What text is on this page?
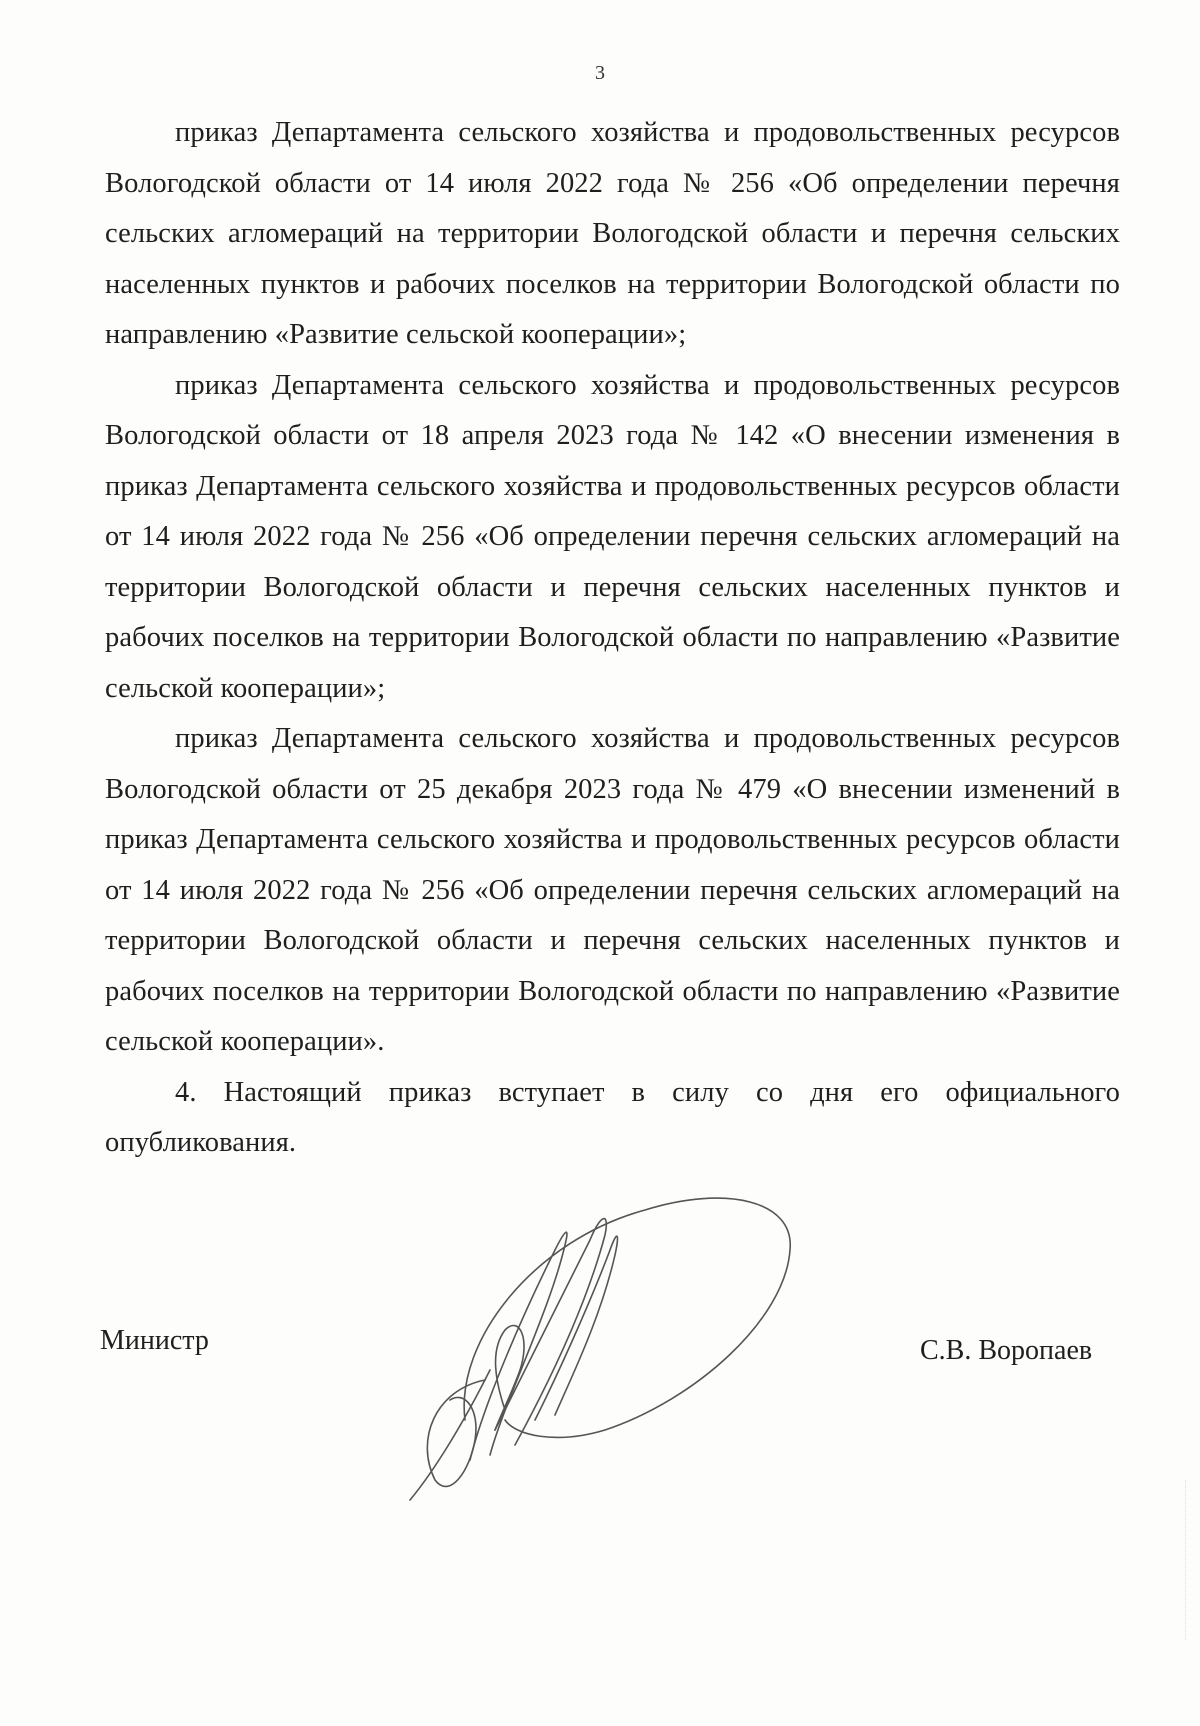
3

приказ Департамента сельского хозяйства и продовольственных ресурсов Вологодской области от 14 июля 2022 года № 256 «Об определении перечня сельских агломераций на территории Вологодской области и перечня сельских населенных пунктов и рабочих поселков на территории Вологодской области по направлению «Развитие сельской кооперации»;

приказ Департамента сельского хозяйства и продовольственных ресурсов Вологодской области от 18 апреля 2023 года № 142 «О внесении изменения в приказ Департамента сельского хозяйства и продовольственных ресурсов области от 14 июля 2022 года № 256 «Об определении перечня сельских агломераций на территории Вологодской области и перечня сельских населенных пунктов и рабочих поселков на территории Вологодской области по направлению «Развитие сельской кооперации»;

приказ Департамента сельского хозяйства и продовольственных ресурсов Вологодской области от 25 декабря 2023 года № 479 «О внесении изменений в приказ Департамента сельского хозяйства и продовольственных ресурсов области от 14 июля 2022 года № 256 «Об определении перечня сельских агломераций на территории Вологодской области и перечня сельских населенных пунктов и рабочих поселков на территории Вологодской области по направлению «Развитие сельской кооперации».

4. Настоящий приказ вступает в силу со дня его официального опубликования.

Министр	С.В. Воропаев
